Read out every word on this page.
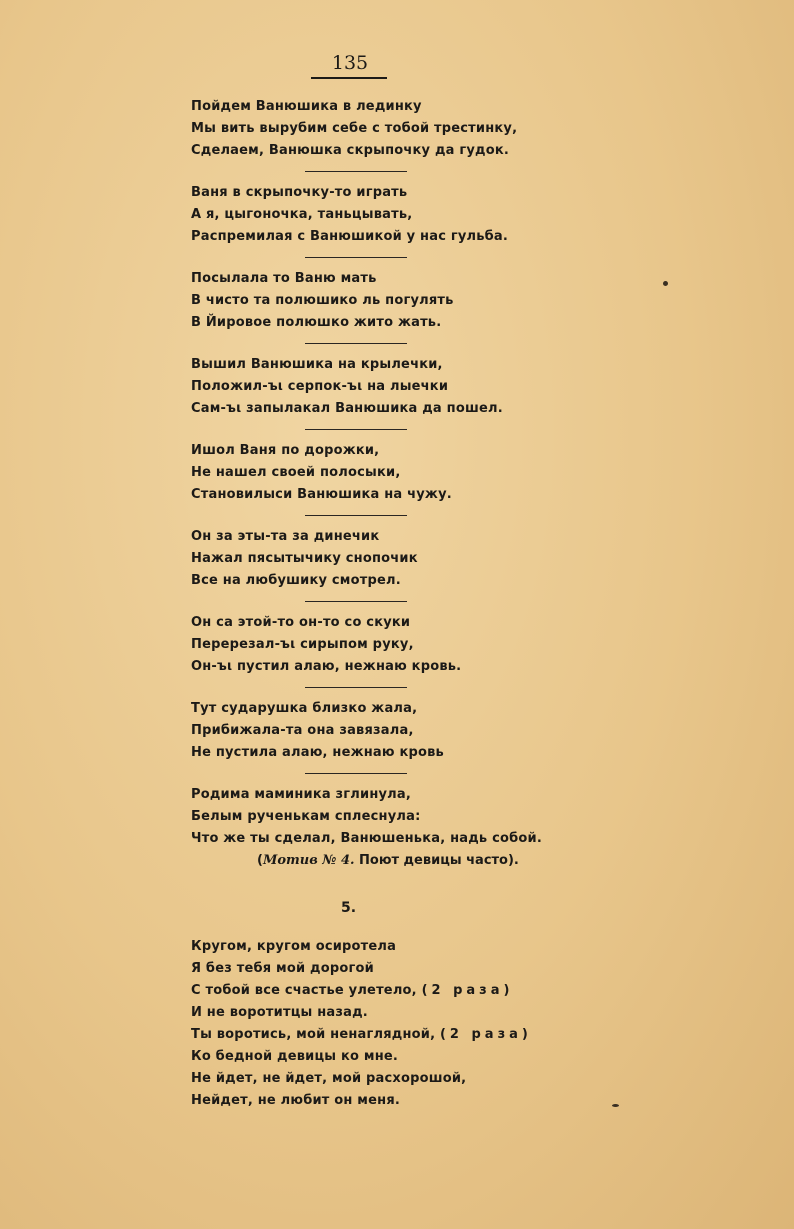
135
Пойдем Ванюшика в лединку
Мы вить вырубим себе с тобой трестинку,
Сделаем, Ванюшка скрыпочку да гудок.
Ваня в скрыпочку-то играть
А я, цыгоночка, таньцывать,
Распремилая с Ванюшикой у нас гульба.
Посылала то Ваню мать
В чисто та полюшико ль погулять
В Йировое полюшко жито жать.
Вышил Ванюшика на крылечки,
Положил-ъι серпок-ъι на лыечки
Сам-ъι запылакал Ванюшика да пошел.
Ишол Ваня по дорожки,
Не нашел своей полосыки,
Становилыси Ванюшика на чужу.
Он за эты-та за динечик
Нажал пясытычику снопочик
Все на любушику смотрел.
Он са этой-то он-то со скуки
Перерезал-ъι сирыпом руку,
Он-ъι пустил алаю, нежнаю кровь.
Тут сударушка близко жала,
Прибижала-та она завязала,
Не пустила алаю, нежнаю кровь
Родима маминика зглинула,
Белым рученькам сплеснула:
Что же ты сделал, Ванюшенька, надь собой.
(Мотив № 4. Поют девицы часто).
5.
Кругом, кругом осиротела
Я без тебя мой дорогой
С тобой все счастье улетело, (2 раза)
И не воротитцы назад.
Ты воротись, мой ненаглядной, (2 раза)
Ко бедной девицы ко мне.
Не йдет, не йдет, мой расхорошой,
Нейдет, не любит он меня.
